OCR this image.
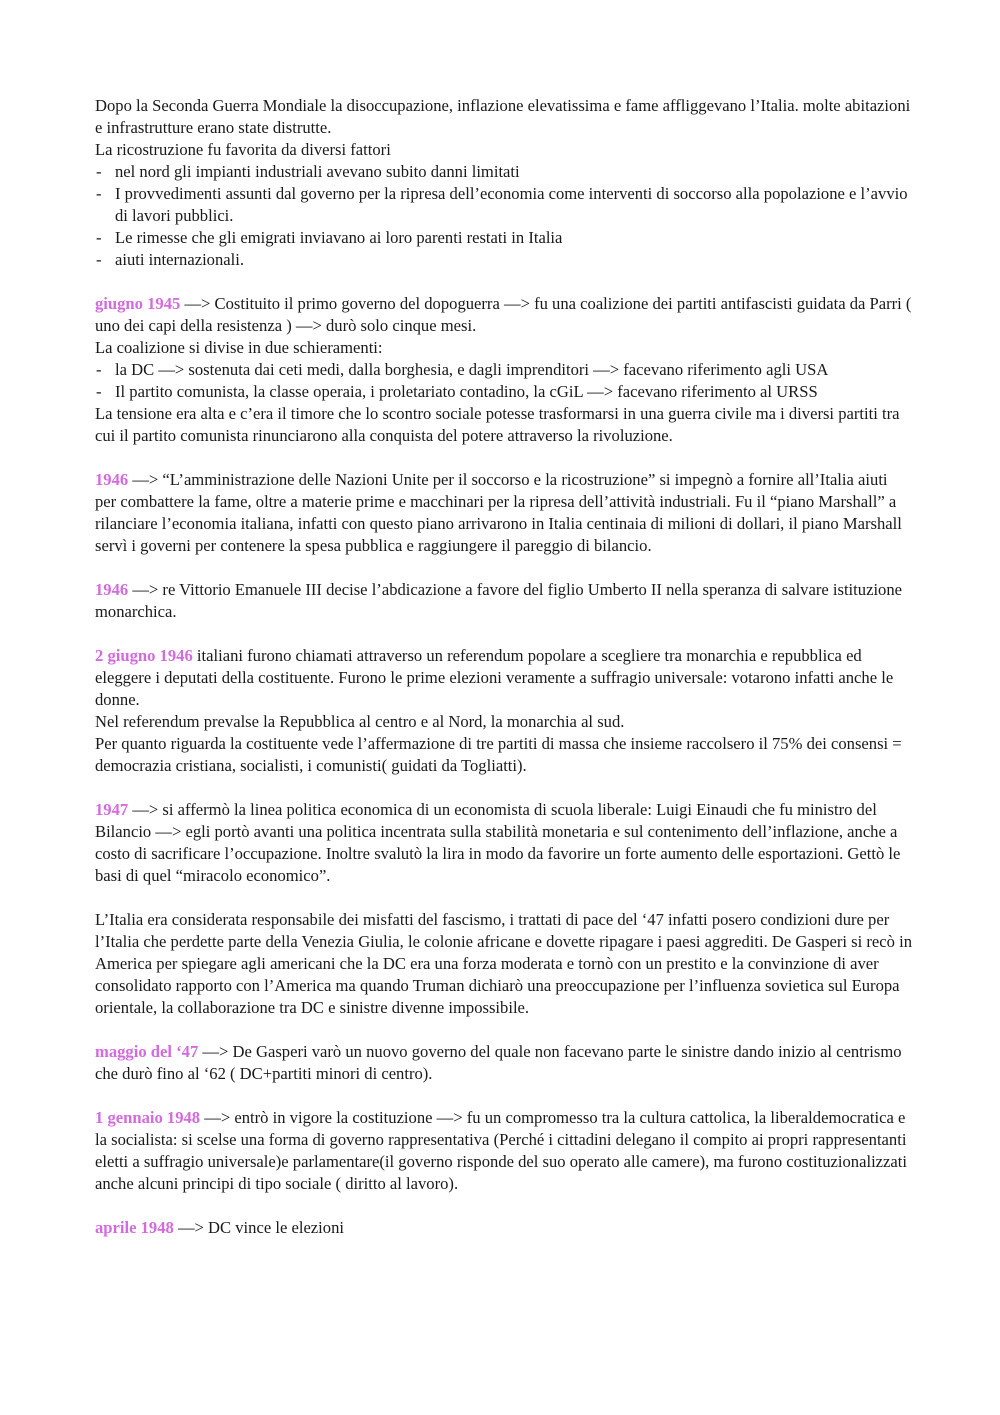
Dopo la Seconda Guerra Mondiale la disoccupazione, inflazione elevatissima e fame affliggevano l’Italia. molte abitazioni e infrastrutture erano state distrutte.

La ricostruzione fu favorita da diversi fattori

- nel nord gli impianti industriali avevano subito danni limitati
- I provvedimenti assunti dal governo per la ripresa dell’economia come interventi di soccorso alla popolazione e l’avvio di lavori pubblici.
- Le rimesse che gli emigrati inviavano ai loro parenti restati in Italia
- aiuti internazionali.

giugno 1945 —> Costituito il primo governo del dopoguerra —> fu una coalizione dei partiti antifascisti guidata da Parri ( uno dei capi della resistenza ) —> durò solo cinque mesi.

La coalizione si divise in due schieramenti:

- la DC —> sostenuta dai ceti medi, dalla borghesia, e dagli imprenditori —> facevano riferimento agli USA
- Il partito comunista, la classe operaia, i proletariato contadino, la cGiL —> facevano riferimento al URSS

La tensione era alta e c’era il timore che lo scontro sociale potesse trasformarsi in una guerra civile ma i diversi partiti tra cui il partito comunista rinunciarono alla conquista del potere attraverso la rivoluzione.

1946 —> “L’amministrazione delle Nazioni Unite per il soccorso e la ricostruzione” si impegnò a fornire all’Italia aiuti per combattere la fame, oltre a materie prime e macchinari per la ripresa dell’attività industriali. Fu il “piano Marshall” a rilanciare l’economia italiana, infatti con questo piano arrivarono in Italia centinaia di milioni di dollari, il piano Marshall servì i governi per contenere la spesa pubblica e raggiungere il pareggio di bilancio.

1946 —> re Vittorio Emanuele III decise l’abdicazione a favore del figlio Umberto II nella speranza di salvare istituzione monarchica.

2 giugno 1946 italiani furono chiamati attraverso un referendum popolare a scegliere tra monarchia e repubblica ed eleggere i deputati della costituente. Furono le prime elezioni veramente a suffragio universale: votarono infatti anche le donne.

Nel referendum prevalse la Repubblica al centro e al Nord, la monarchia al sud.

Per quanto riguarda la costituente vede l’affermazione di tre partiti di massa che insieme raccolsero il 75% dei consensi = democrazia cristiana, socialisti, i comunisti( guidati da Togliatti).

1947 —> si affermò la linea politica economica di un economista di scuola liberale: Luigi Einaudi che fu ministro del Bilancio —> egli portò avanti una politica incentrata sulla stabilità monetaria e sul contenimento dell’inflazione, anche a costo di sacrificare l’occupazione. Inoltre svalutò la lira in modo da favorire un forte aumento delle esportazioni. Gettò le basi di quel “miracolo economico”.

L’Italia era considerata responsabile dei misfatti del fascismo, i trattati di pace del ‘47 infatti posero condizioni dure per l’Italia che perdette parte della Venezia Giulia, le colonie africane e dovette ripagare i paesi aggrediti. De Gasperi si recò in America per spiegare agli americani che la DC era una forza moderata e tornò con un prestito e la convinzione di aver consolidato rapporto con l’America ma quando Truman dichiarò una preoccupazione per l’influenza sovietica sul Europa orientale, la collaborazione tra DC e sinistre divenne impossibile.

maggio del ‘47 —> De Gasperi varò un nuovo governo del quale non facevano parte le sinistre dando inizio al centrismo che durò fino al ‘62 ( DC+partiti minori di centro).

1 gennaio 1948 —> entrò in vigore la costituzione —> fu un compromesso tra la cultura cattolica, la liberaldemocratica e la socialista: si scelse una forma di governo rappresentativa (Perché i cittadini delegano il compito ai propri rappresentanti eletti a suffragio universale)e parlamentare(il governo risponde del suo operato alle camere), ma furono costituzionalizzati anche alcuni principi di tipo sociale ( diritto al lavoro).

aprile 1948 —> DC vince le elezioni
